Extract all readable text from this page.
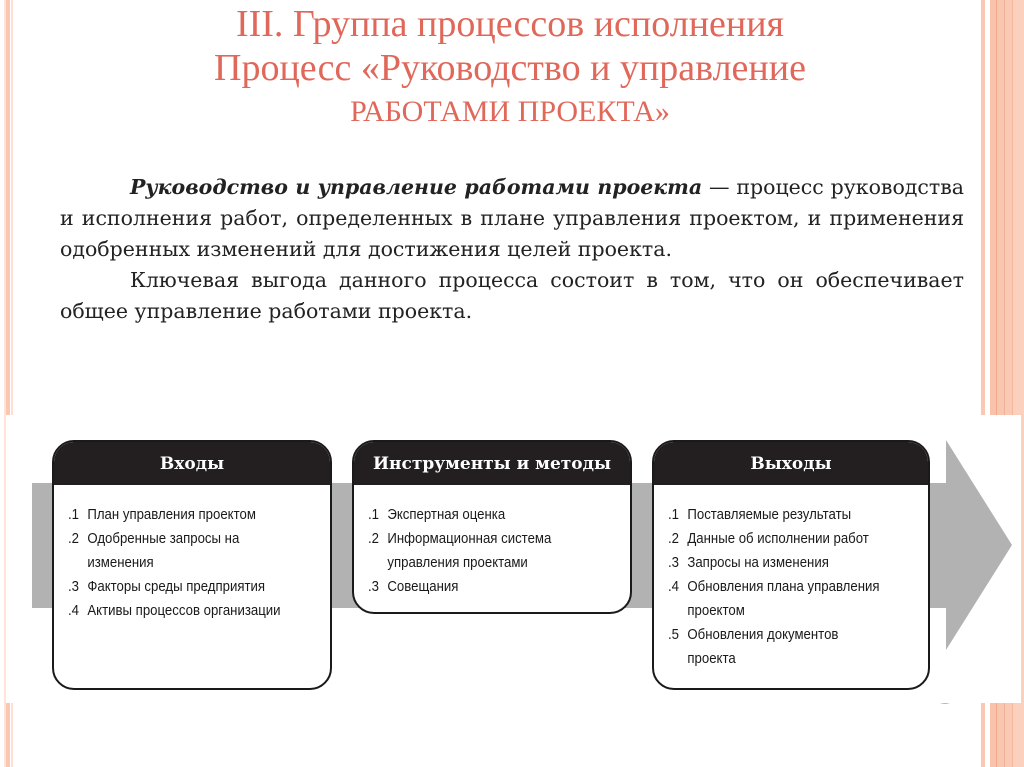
III. Группа процессов исполнения
Процесс «Руководство и управление
РАБОТАМИ ПРОЕКТА»

Руководство и управление работами проекта — процесс руководства и исполнения работ, определенных в плане управления проектом, и применения одобренных изменений для достижения целей проекта.

Ключевая выгода данного процесса состоит в том, что он обеспечивает общее управление работами проекта.

Входы
.1 План управления проектом
.2 Одобренные запросы на изменения
.3 Факторы среды предприятия
.4 Активы процессов организации
Инструменты и методы
.1 Экспертная оценка
.2 Информационная система управления проектами
.3 Совещания
Выходы
.1 Поставляемые результаты
.2 Данные об исполнении работ
.3 Запросы на изменения
.4 Обновления плана управления проектом
.5 Обновления документов проекта
